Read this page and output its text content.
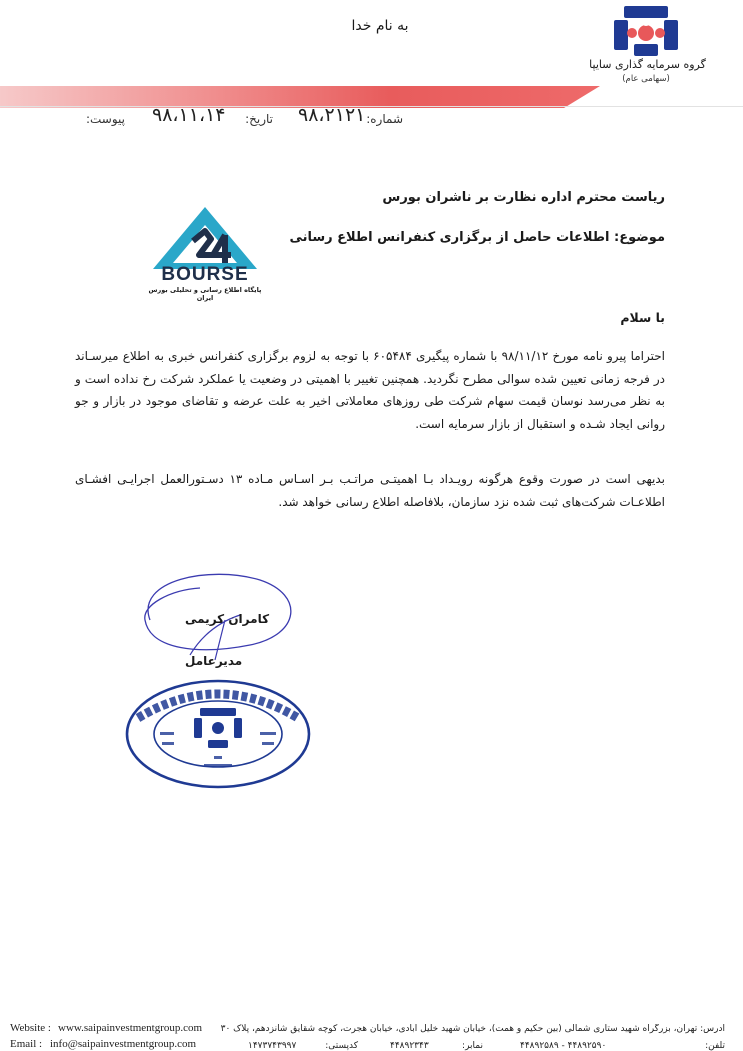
به نام خدا
گروه سرمایه گذاری سایپا
(سهامی عام)
شماره:
۹۸،۲۱۲۱
تاریخ:
۹۸،۱۱،۱۴
پیوست:
ریاست محترم اداره نظارت بر ناشران بورس
موضوع: اطلاعات حاصل از برگزاری کنفرانس اطلاع رسانی
BOURSE
پایگاه اطلاع رسانی و تحلیلی بورس ایران
با سلام
احتراما پیرو نامه مورخ ۹۸/۱۱/۱۲ با شماره پیگیری ۶۰۵۴۸۴ با توجه به لزوم برگزاری کنفرانس خبری به اطلاع میرسـاند در فرجه زمانی تعیین شده سوالی مطرح نگردید. همچنین تغییر با اهمیتی در وضعیت یا عملکرد شرکت رخ نداده است و به نظر می‌رسد نوسان قیمت سهام شرکت طی روزهای معاملاتی اخیر به علت عرضه و تقاضای موجود در بازار و جو روانی ایجاد شـده و استقبال از بازار سرمایه است.
بدیهی است در صورت وقوع هرگونه رویـداد بـا اهمیتـی مراتـب بـر اسـاس مـاده ۱۳ دسـتورالعمل اجرایـی افشـای اطلاعـات شرکت‌های ثبت شده نزد سازمان، بلافاصله اطلاع رسانی خواهد شد.
کامران کریمی
مدیرعامل
Website : www.saipainvestmentgroup.com
Email : info@saipainvestmentgroup.com
آدرس: تهران، بزرگراه شهید ستاری شمالی (بین حکیم و همت)، خیابان شهید خلیل آبادی، خیابان هجرت، کوچه شقایق شانزدهم، پلاک ۳۰
تلفن:
۴۴۸۹۲۵۸۹ - ۴۴۸۹۲۵۹۰
نمابر:
۴۴۸۹۲۳۴۳
کدپستی:
۱۴۷۳۷۴۳۹۹۷
